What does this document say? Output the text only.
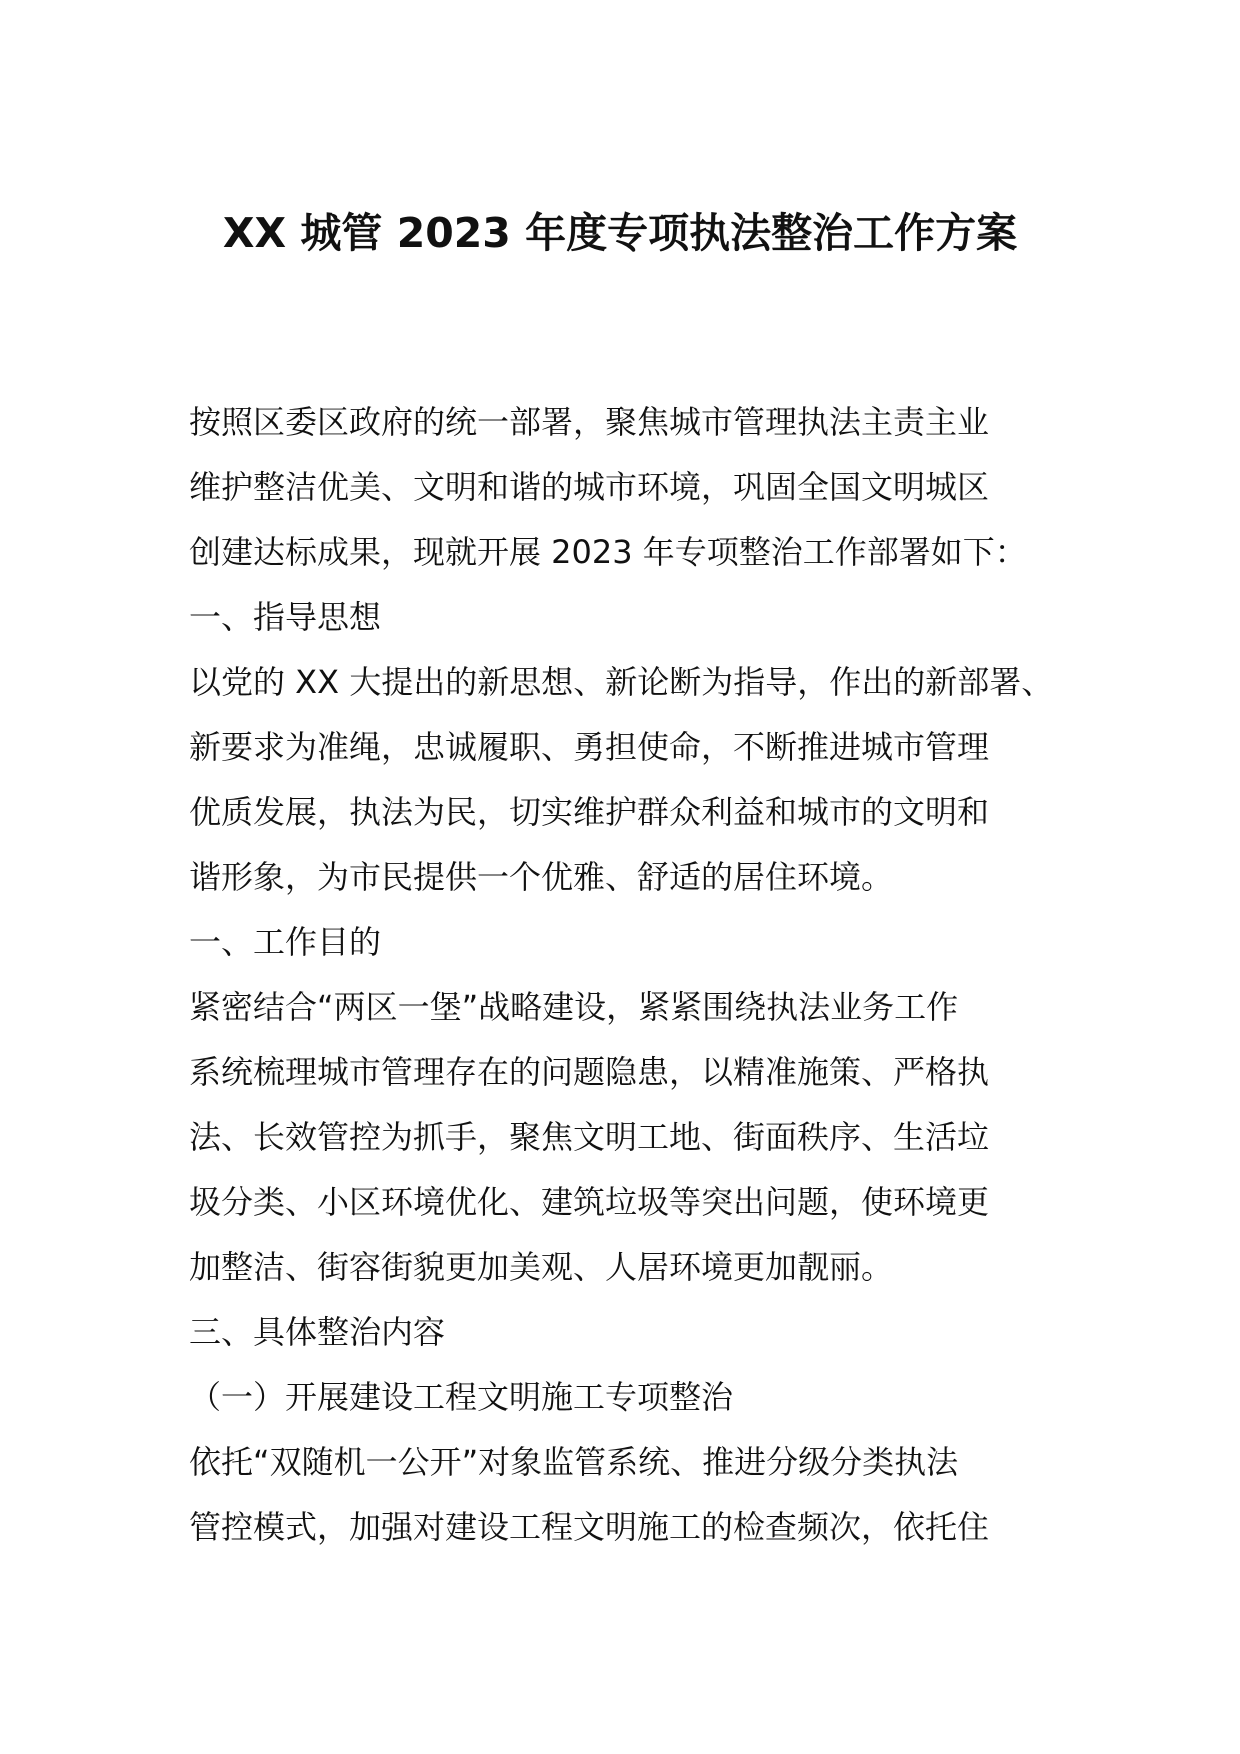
XX 城管 2023 年度专项执法整治工作方案
按照区委区政府的统一部署，聚焦城市管理执法主责主业
维护整洁优美、文明和谐的城市环境，巩固全国文明城区
创建达标成果，现就开展 2023 年专项整治工作部署如下：
一、指导思想
以党的 XX 大提出的新思想、新论断为指导，作出的新部署、
新要求为准绳，忠诚履职、勇担使命，不断推进城市管理
优质发展，执法为民，切实维护群众利益和城市的文明和
谐形象，为市民提供一个优雅、舒适的居住环境。
一、工作目的
紧密结合“两区一堡”战略建设，紧紧围绕执法业务工作
系统梳理城市管理存在的问题隐患，以精准施策、严格执
法、长效管控为抓手，聚焦文明工地、街面秩序、生活垃
圾分类、小区环境优化、建筑垃圾等突出问题，使环境更
加整洁、街容街貌更加美观、人居环境更加靓丽。
三、具体整治内容
（一）开展建设工程文明施工专项整治
依托“双随机一公开”对象监管系统、推进分级分类执法
管控模式，加强对建设工程文明施工的检查频次，依托住
